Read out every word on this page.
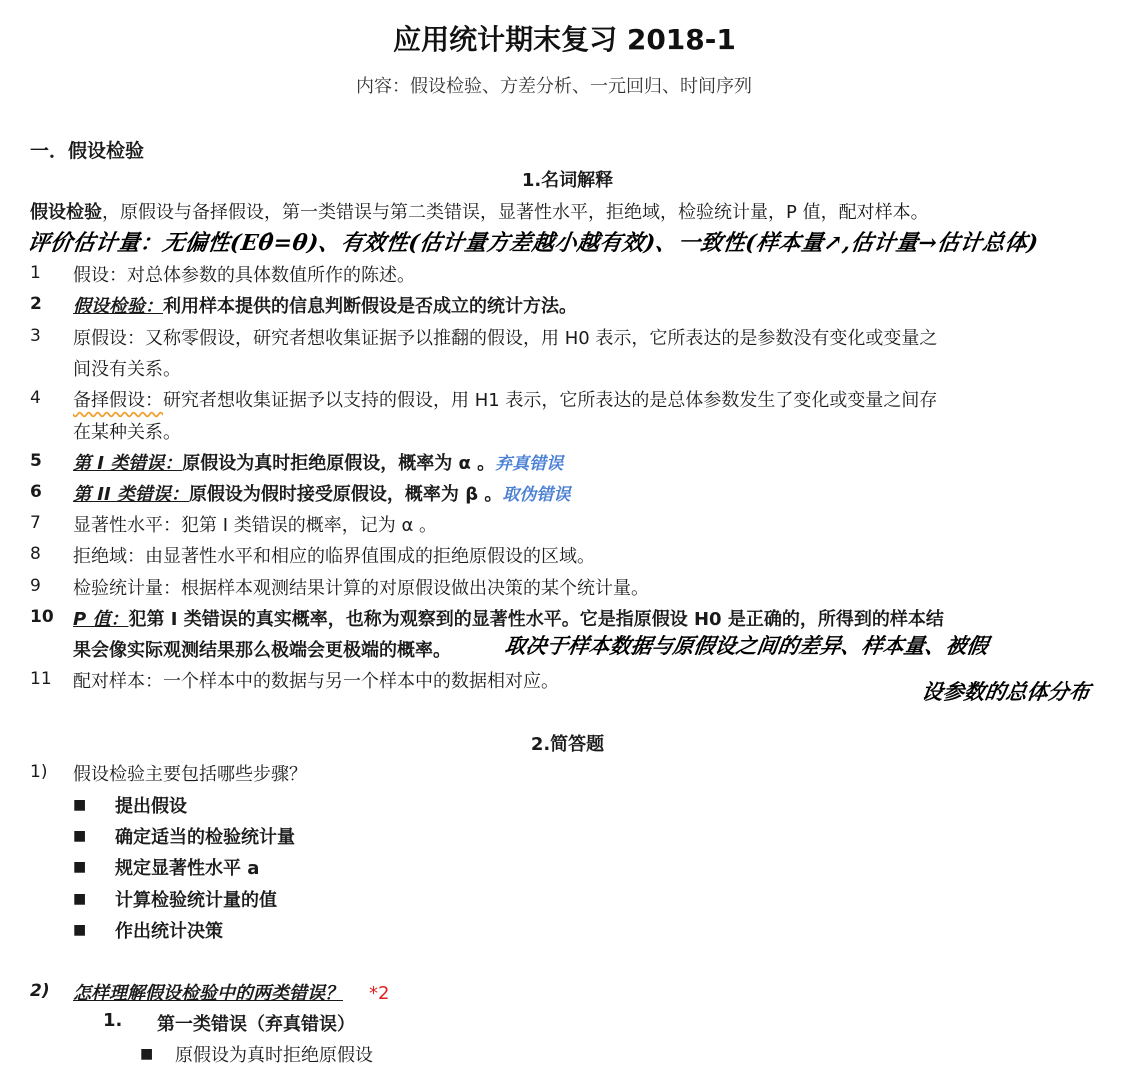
应用统计期末复习 2018-1
内容：假设检验、方差分析、一元回归、时间序列
一．假设检验
1.名词解释
假设检验，原假设与备择假设，第一类错误与第二类错误，显著性水平，拒绝域，检验统计量，P 值，配对样本。
评价估计量：无偏性(Eθ̂=θ)、有效性(估计量方差越小越有效)、一致性(样本量↗,估计量→估计总体)
1 假设：对总体参数的具体数值所作的陈述。
2 假设检验：利用样本提供的信息判断假设是否成立的统计方法。
3 原假设：又称零假设，研究者想收集证据予以推翻的假设，用 H0 表示，它所表达的是参数没有变化或变量之
间没有关系。
4 备择假设：研究者想收集证据予以支持的假设，用 H1 表示，它所表达的是总体参数发生了变化或变量之间存
在某种关系。
5 第 I 类错误：原假设为真时拒绝原假设，概率为 α 。弃真错误
6 第 II 类错误：原假设为假时接受原假设，概率为 β 。取伪错误
7 显著性水平：犯第 I 类错误的概率，记为 α 。
8 拒绝域：由显著性水平和相应的临界值围成的拒绝原假设的区域。
9 检验统计量：根据样本观测结果计算的对原假设做出决策的某个统计量。
10 P 值：犯第 I 类错误的真实概率，也称为观察到的显著性水平。它是指原假设 H0 是正确的，所得到的样本结
果会像实际观测结果那么极端会更极端的概率。
11 配对样本：一个样本中的数据与另一个样本中的数据相对应。
取决于样本数据与原假设之间的差异、样本量、被假
设参数的总体分布
2.简答题
1) 假设检验主要包括哪些步骤？
■ 提出假设
■ 确定适当的检验统计量
■ 规定显著性水平 a
■ 计算检验统计量的值
■ 作出统计决策
2) 怎样理解假设检验中的两类错误？ *2
1. 第一类错误（弃真错误）
■ 原假设为真时拒绝原假设
